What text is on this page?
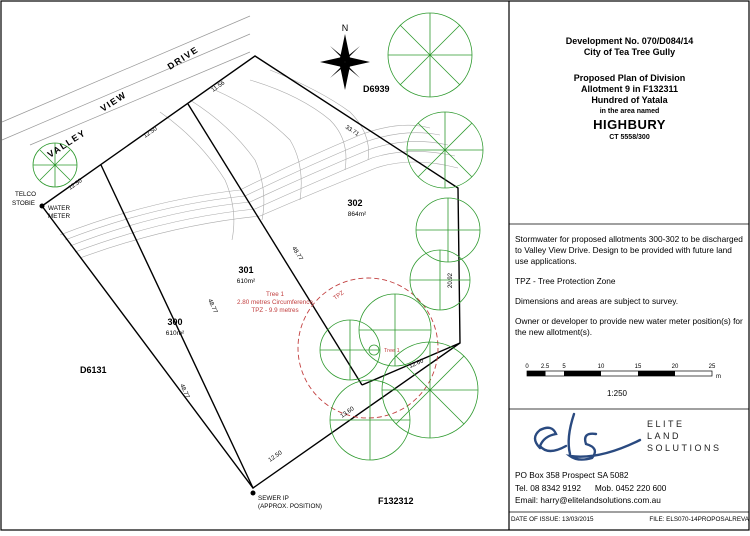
N
VALLEY
VIEW
DRIVE
D6939
D6131
F132312
300
610m²
301
610m²
302
864m²
Tree 1
2.80 metres Circumference
TPZ - 9.9 metres
Tree 1
TPZ
12.50
12.50
11.56
33.71
20.92
12.60
13.60
12.50
48.77
48.77
48.77
TELCO
STOBIE
WATER
METER
SEWER IP
(APPROX. POSITION)
0 2.5 5	10	15	20	25
m
1:250
Development No. 070/D084/14
City of Tea Tree Gully
Proposed Plan of Division
Allotment 9 in F132311
Hundred of Yatala
in the area named
HIGHBURY
CT 5558/300

Stormwater for proposed allotments 300-302 to be discharged to Valley View Drive. Design to be provided with future land use applications.

TPZ - Tree Protection Zone

Dimensions and areas are subject to survey.

Owner or developer to provide new water meter position(s) for the new allotment(s).

ELITE
LAND
SOLUTIONS
PO Box 358 Prospect SA 5082
Tel. 08 8342 9192 Mob. 0452 220 600
Email: harry@elitelandsolutions.com.au
DATE OF ISSUE: 13/03/2015	FILE: ELS070-14PROPOSALREVA
